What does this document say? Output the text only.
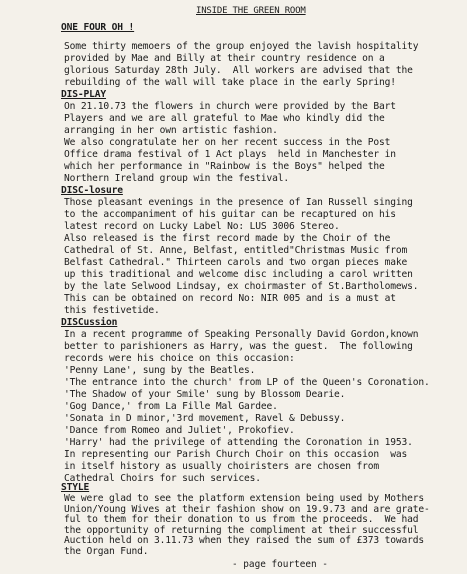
INSIDE THE GREEN ROOM
ONE FOUR OH !
Some thirty memoers of the group enjoyed the lavish hospitality
provided by Mae and Billy at their country residence on a
glorious Saturday 28th July.  All workers are advised that the
rebuilding of the wall will take place in the early Spring!
DIS-PLAY
On 21.10.73 the flowers in church were provided by the Bart
Players and we are all grateful to Mae who kindly did the
arranging in her own artistic fashion.
We also congratulate her on her recent success in the Post
Office drama festival of 1 Act plays  held in Manchester in
which her performance in "Rainbow is the Boys" helped the
Northern Ireland group win the festival.
DISC-losure
Those pleasant evenings in the presence of Ian Russell singing
to the accompaniment of his guitar can be recaptured on his
latest record on Lucky Label No: LUS 3006 Stereo.
Also released is the first record made by the Choir of the
Cathedral of St. Anne, Belfast, entitled"Christmas Music from
Belfast Cathedral." Thirteen carols and two organ pieces make
up this traditional and welcome disc including a carol written
by the late Selwood Lindsay, ex choirmaster of St.Bartholomews.
This can be obtained on record No: NIR 005 and is a must at
this festivetide.
DISCussion
In a recent programme of Speaking Personally David Gordon,known
better to parishioners as Harry, was the guest.  The following
records were his choice on this occasion:
'Penny Lane', sung by the Beatles.
'The entrance into the church' from LP of the Queen's Coronation.
'The Shadow of your Smile' sung by Blossom Dearie.
'Gog Dance,' from La Fille Mal Gardee.
'Sonata in D minor,'3rd movement, Ravel & Debussy.
'Dance from Romeo and Juliet', Prokofiev.
'Harry' had the privilege of attending the Coronation in 1953.
In representing our Parish Church Choir on this occasion  was
in itself history as usually choiristers are chosen from
Cathedral Choirs for such services.
STYLE
We were glad to see the platform extension being used by Mothers
Union/Young Wives at their fashion show on 19.9.73 and are grate-
ful to them for their donation to us from the proceeds.  We had
the opportunity of returning the compliment at their successful
- page fourteen -
Auction held on 3.11.73 when they raised the sum of £373 towards
the Organ Fund.
